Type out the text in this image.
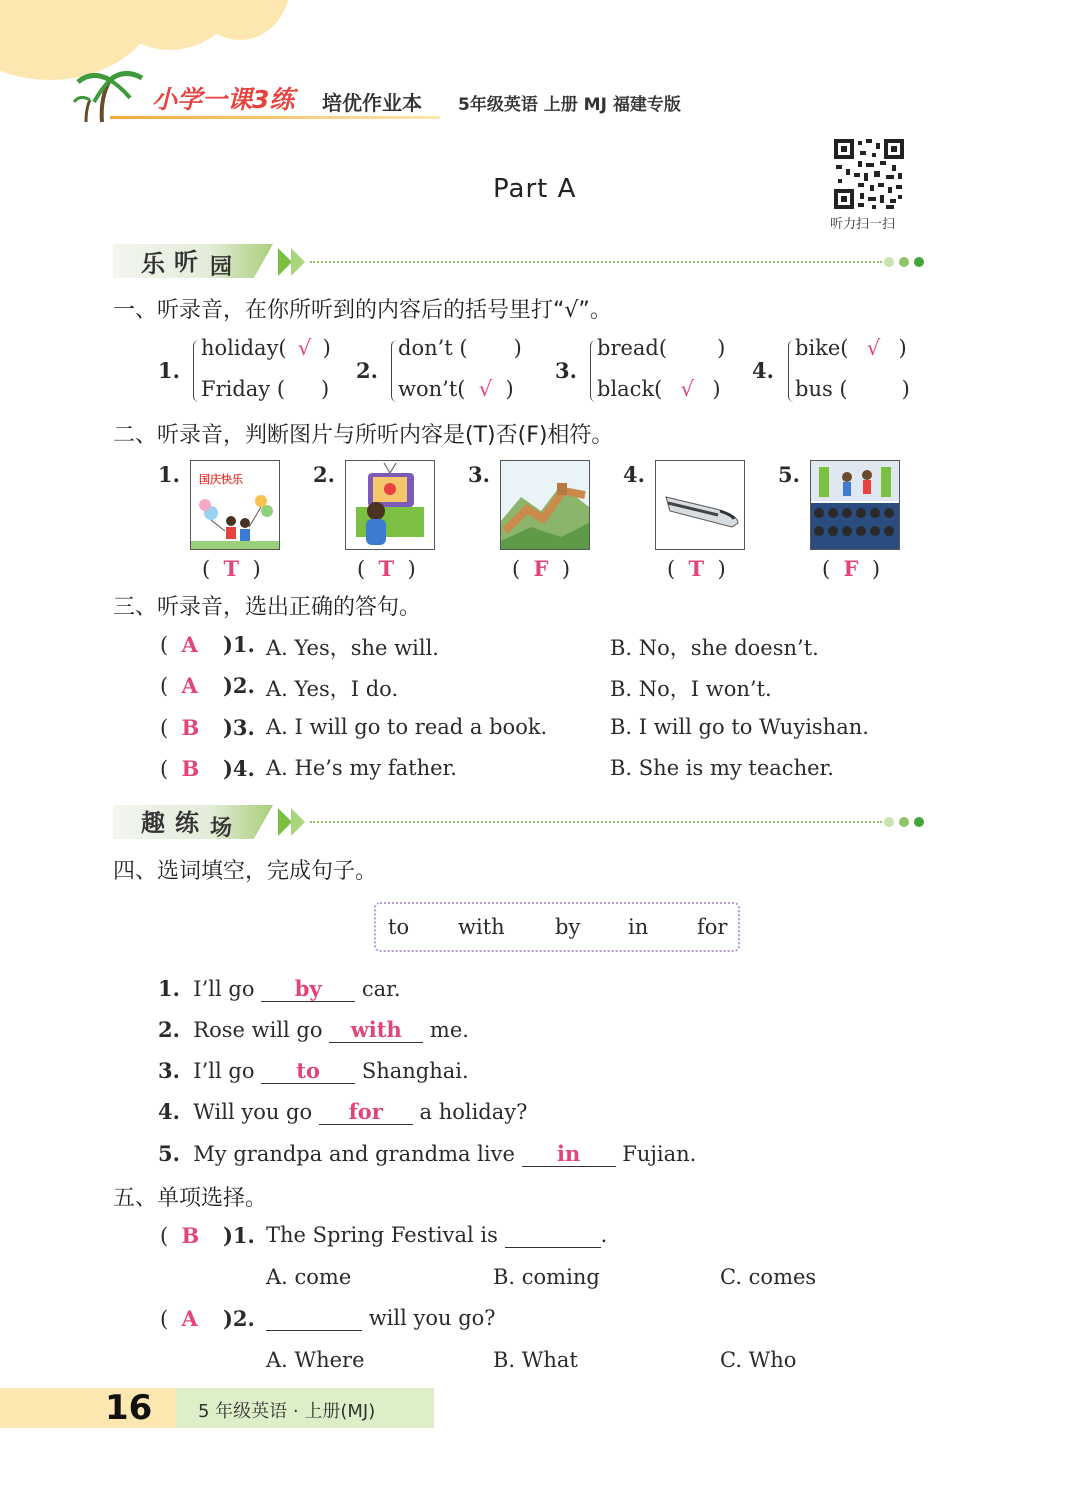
小学一课3练 培优作业本 5年级英语 上册 MJ 福建专版
Part A
听力扫一扫
乐 听 园
一、听录音，在你所听到的内容后的括号里打“√”。
1.
holiday( √ )
Friday ( )
2.
don’t ( )
won’t( √ )
3.
bread( )
black( √ )
4.
bike( √ )
bus (	)
二、听录音，判断图片与所听内容是(T)否(F)相符。
1. 国庆快乐
(  T  )
2.
(  T  )
3.
(  F  )
4.
(  T  )
5.
(  F  )
三、听录音，选出正确的答句。
(  A )1. A. Yes，she will.	B. No，she doesn’t.
(  A )2. A. Yes，I do.	B. No，I won’t.
(  B )3. A. I will go to read a book.	B. I will go to Wuyishan.
(  B )4. A. He’s my father.	B. She is my teacher.
趣 练 场
四、选词填空，完成句子。
to with by in for
1. I’ll go by car.
2. Rose will go with me.
3. I’ll go to Shanghai.
4. Will you go for a holiday?
5. My grandpa and grandma live in Fujian.
五、单项选择。
(  B )1. The Spring Festival is	.
A. come	B. coming	C. comes
(  A )2.	will you go?
A. Where	B. What	C. Who
16	5 年级英语 · 上册(MJ)
